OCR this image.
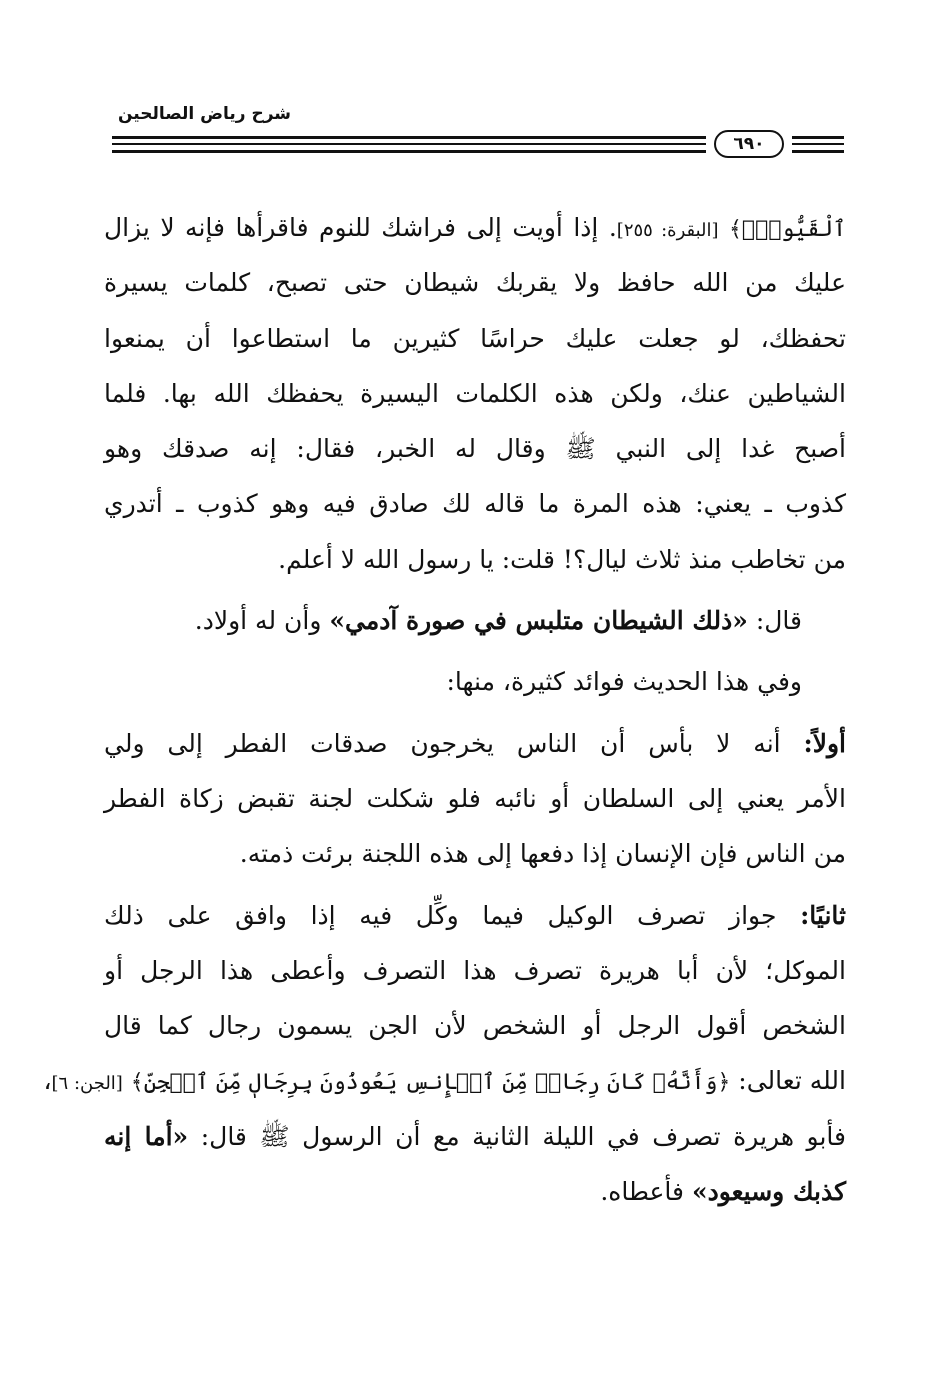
شرح رياض الصالحين
٦٩٠
ٱلْقَيُّومُۚ﴾ [البقرة: ٢٥٥]. إذا أويت إلى فراشك للنوم فاقرأها فإنه لا يزال
عليك من الله حافظ ولا يقربك شيطان حتى تصبح، كلمات يسيرة
تحفظك، لو جعلت عليك حراسًا كثيرين ما استطاعوا أن يمنعوا
الشياطين عنك، ولكن هذه الكلمات اليسيرة يحفظك الله بها. فلما
أصبح غدا إلى النبي ﷺ وقال له الخبر، فقال: إنه صدقك وهو
كذوب ـ يعني: هذه المرة ما قاله لك صادق فيه وهو كذوب ـ أتدري
من تخاطب منذ ثلاث ليال؟! قلت: يا رسول الله لا أعلم.
قال: «ذلك الشيطان متلبس في صورة آدمي» وأن له أولاد.
وفي هذا الحديث فوائد كثيرة، منها:
أولاً: أنه لا بأس أن الناس يخرجون صدقات الفطر إلى ولي
الأمر يعني إلى السلطان أو نائبه فلو شكلت لجنة تقبض زكاة الفطر
من الناس فإن الإنسان إذا دفعها إلى هذه اللجنة برئت ذمته.
ثانيًا: جواز تصرف الوكيل فيما وكِّل فيه إذا وافق على ذلك
الموكل؛ لأن أبا هريرة تصرف هذا التصرف وأعطى هذا الرجل أو
الشخص أقول الرجل أو الشخص لأن الجن يسمون رجال كما قال
الله تعالى: ﴿وَأَنَّهُۥ كَانَ رِجَالٞ مِّنَ ٱلۡإِنسِ يَعُوذُونَ بِرِجَالٖ مِّنَ ٱلۡجِنِّ﴾ [الجن: ٦]،
فأبو هريرة تصرف في الليلة الثانية مع أن الرسول ﷺ قال: «أما إنه
كذبك وسيعود» فأعطاه.
